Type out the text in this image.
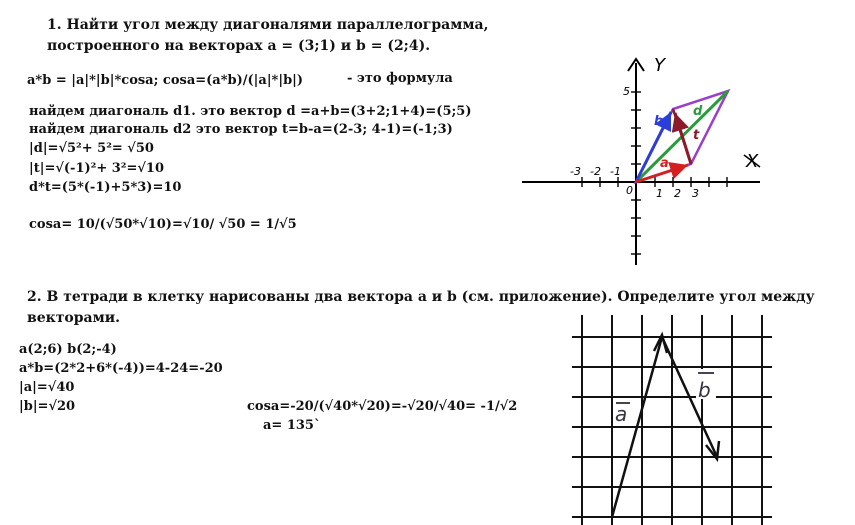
1. Найти угол между диагоналями параллелограмма,
построенного на векторах a = (3;1) и b = (2;4).
a*b = |a|*|b|*cosa; cosa=(a*b)/(|a|*|b|)	- это формула
найдем диагональ d1. это вектор d =a+b=(3+2;1+4)=(5;5)
найдем диагональ d2 это вектор t=b-a=(2-3; 4-1)=(-1;3)
|d|=√5²+ 5²= √50
|t|=√(-1)²+ 3²=√10
d*t=(5*(-1)+5*3)=10
cosa= 10/(√50*√10)=√10/ √50 = 1/√5
Y
X
0
-3 -2 -1
1 2 3
5
a
b
d
t
2. В тетради в клетку нарисованы два вектора a и b (см. приложение). Определите угол между
векторами.
a(2;6) b(2;-4)
a*b=(2*2+6*(-4))=4-24=-20
|a|=√40
|b|=√20	cosa=-20/(√40*√20)=-√20/√40= -1/√2
a= 135`	a
b
